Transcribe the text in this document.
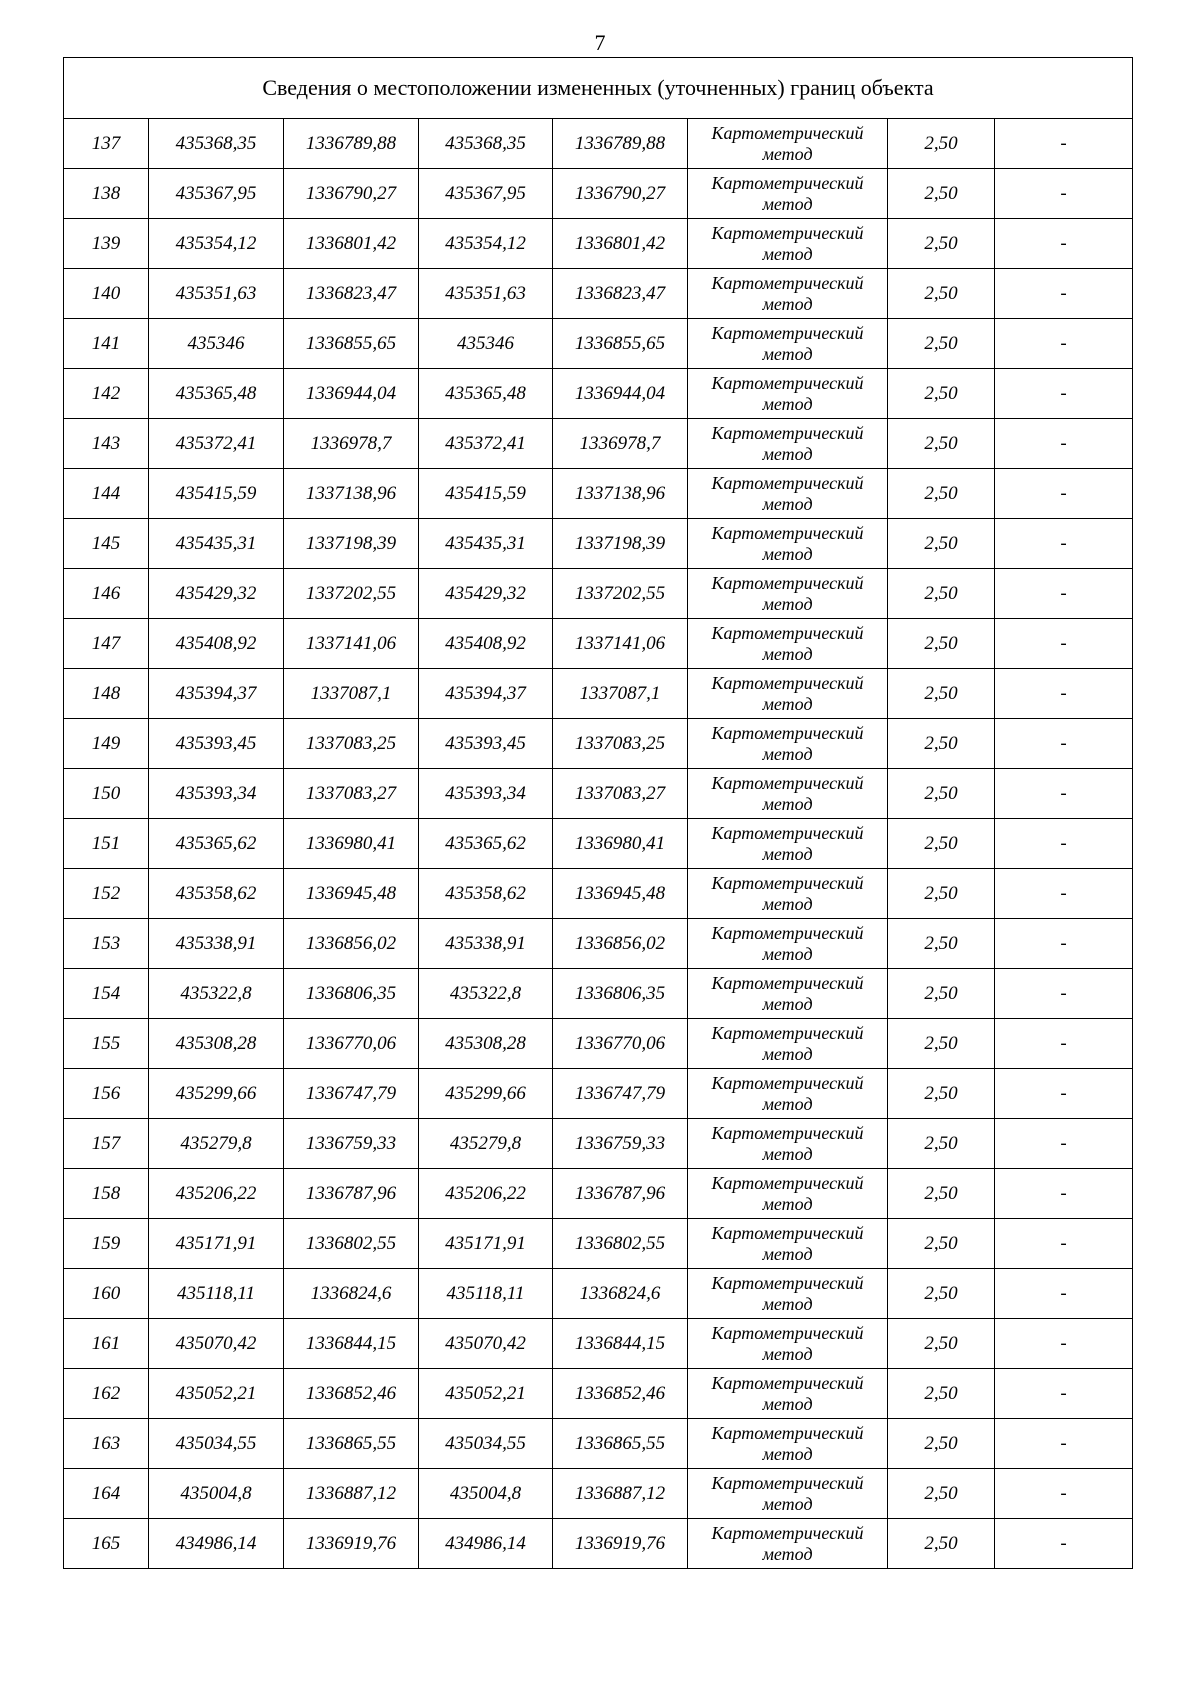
7
Сведения о местоположении измененных (уточненных) границ объекта							
137	435368,35	1336789,88	435368,35	1336789,88	Картометрический
метод	2,50	-
138	435367,95	1336790,27	435367,95	1336790,27	Картометрический
метод	2,50	-
139	435354,12	1336801,42	435354,12	1336801,42	Картометрический
метод	2,50	-
140	435351,63	1336823,47	435351,63	1336823,47	Картометрический
метод	2,50	-
141	435346	1336855,65	435346	1336855,65	Картометрический
метод	2,50	-
142	435365,48	1336944,04	435365,48	1336944,04	Картометрический
метод	2,50	-
143	435372,41	1336978,7	435372,41	1336978,7	Картометрический
метод	2,50	-
144	435415,59	1337138,96	435415,59	1337138,96	Картометрический
метод	2,50	-
145	435435,31	1337198,39	435435,31	1337198,39	Картометрический
метод	2,50	-
146	435429,32	1337202,55	435429,32	1337202,55	Картометрический
метод	2,50	-
147	435408,92	1337141,06	435408,92	1337141,06	Картометрический
метод	2,50	-
148	435394,37	1337087,1	435394,37	1337087,1	Картометрический
метод	2,50	-
149	435393,45	1337083,25	435393,45	1337083,25	Картометрический
метод	2,50	-
150	435393,34	1337083,27	435393,34	1337083,27	Картометрический
метод	2,50	-
151	435365,62	1336980,41	435365,62	1336980,41	Картометрический
метод	2,50	-
152	435358,62	1336945,48	435358,62	1336945,48	Картометрический
метод	2,50	-
153	435338,91	1336856,02	435338,91	1336856,02	Картометрический
метод	2,50	-
154	435322,8	1336806,35	435322,8	1336806,35	Картометрический
метод	2,50	-
155	435308,28	1336770,06	435308,28	1336770,06	Картометрический
метод	2,50	-
156	435299,66	1336747,79	435299,66	1336747,79	Картометрический
метод	2,50	-
157	435279,8	1336759,33	435279,8	1336759,33	Картометрический
метод	2,50	-
158	435206,22	1336787,96	435206,22	1336787,96	Картометрический
метод	2,50	-
159	435171,91	1336802,55	435171,91	1336802,55	Картометрический
метод	2,50	-
160	435118,11	1336824,6	435118,11	1336824,6	Картометрический
метод	2,50	-
161	435070,42	1336844,15	435070,42	1336844,15	Картометрический
метод	2,50	-
162	435052,21	1336852,46	435052,21	1336852,46	Картометрический
метод	2,50	-
163	435034,55	1336865,55	435034,55	1336865,55	Картометрический
метод	2,50	-
164	435004,8	1336887,12	435004,8	1336887,12	Картометрический
метод	2,50	-
165	434986,14	1336919,76	434986,14	1336919,76	Картометрический
метод	2,50	-
